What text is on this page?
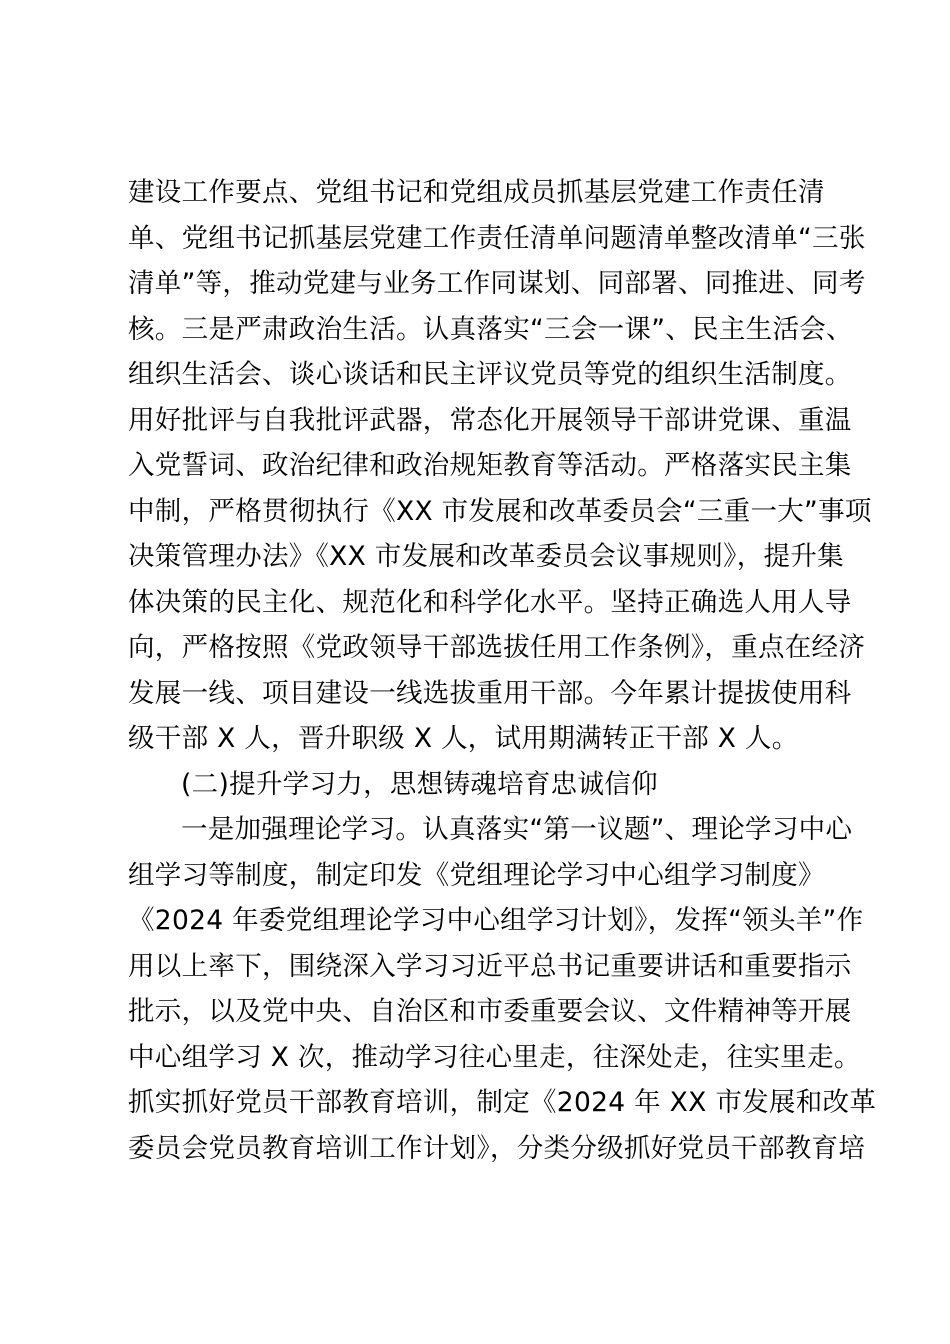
建设工作要点、党组书记和党组成员抓基层党建工作责任清
单、党组书记抓基层党建工作责任清单问题清单整改清单“三张
清单”等，推动党建与业务工作同谋划、同部署、同推进、同考
核。三是严肃政治生活。认真落实“三会一课”、民主生活会、
组织生活会、谈心谈话和民主评议党员等党的组织生活制度。
用好批评与自我批评武器，常态化开展领导干部讲党课、重温
入党誓词、政治纪律和政治规矩教育等活动。严格落实民主集
中制，严格贯彻执行《XX 市发展和改革委员会“三重一大”事项
决策管理办法》《XX 市发展和改革委员会议事规则》，提升集
体决策的民主化、规范化和科学化水平。坚持正确选人用人导
向，严格按照《党政领导干部选拔任用工作条例》，重点在经济
发展一线、项目建设一线选拔重用干部。今年累计提拔使用科
级干部 X 人，晋升职级 X 人，试用期满转正干部 X 人。
(二)提升学习力，思想铸魂培育忠诚信仰
一是加强理论学习。认真落实“第一议题”、理论学习中心
组学习等制度，制定印发《党组理论学习中心组学习制度》
《2024 年委党组理论学习中心组学习计划》，发挥“领头羊”作
用以上率下，围绕深入学习习近平总书记重要讲话和重要指示
批示，以及党中央、自治区和市委重要会议、文件精神等开展
中心组学习 X 次，推动学习往心里走，往深处走，往实里走。
抓实抓好党员干部教育培训，制定《2024 年 XX 市发展和改革
委员会党员教育培训工作计划》，分类分级抓好党员干部教育培
